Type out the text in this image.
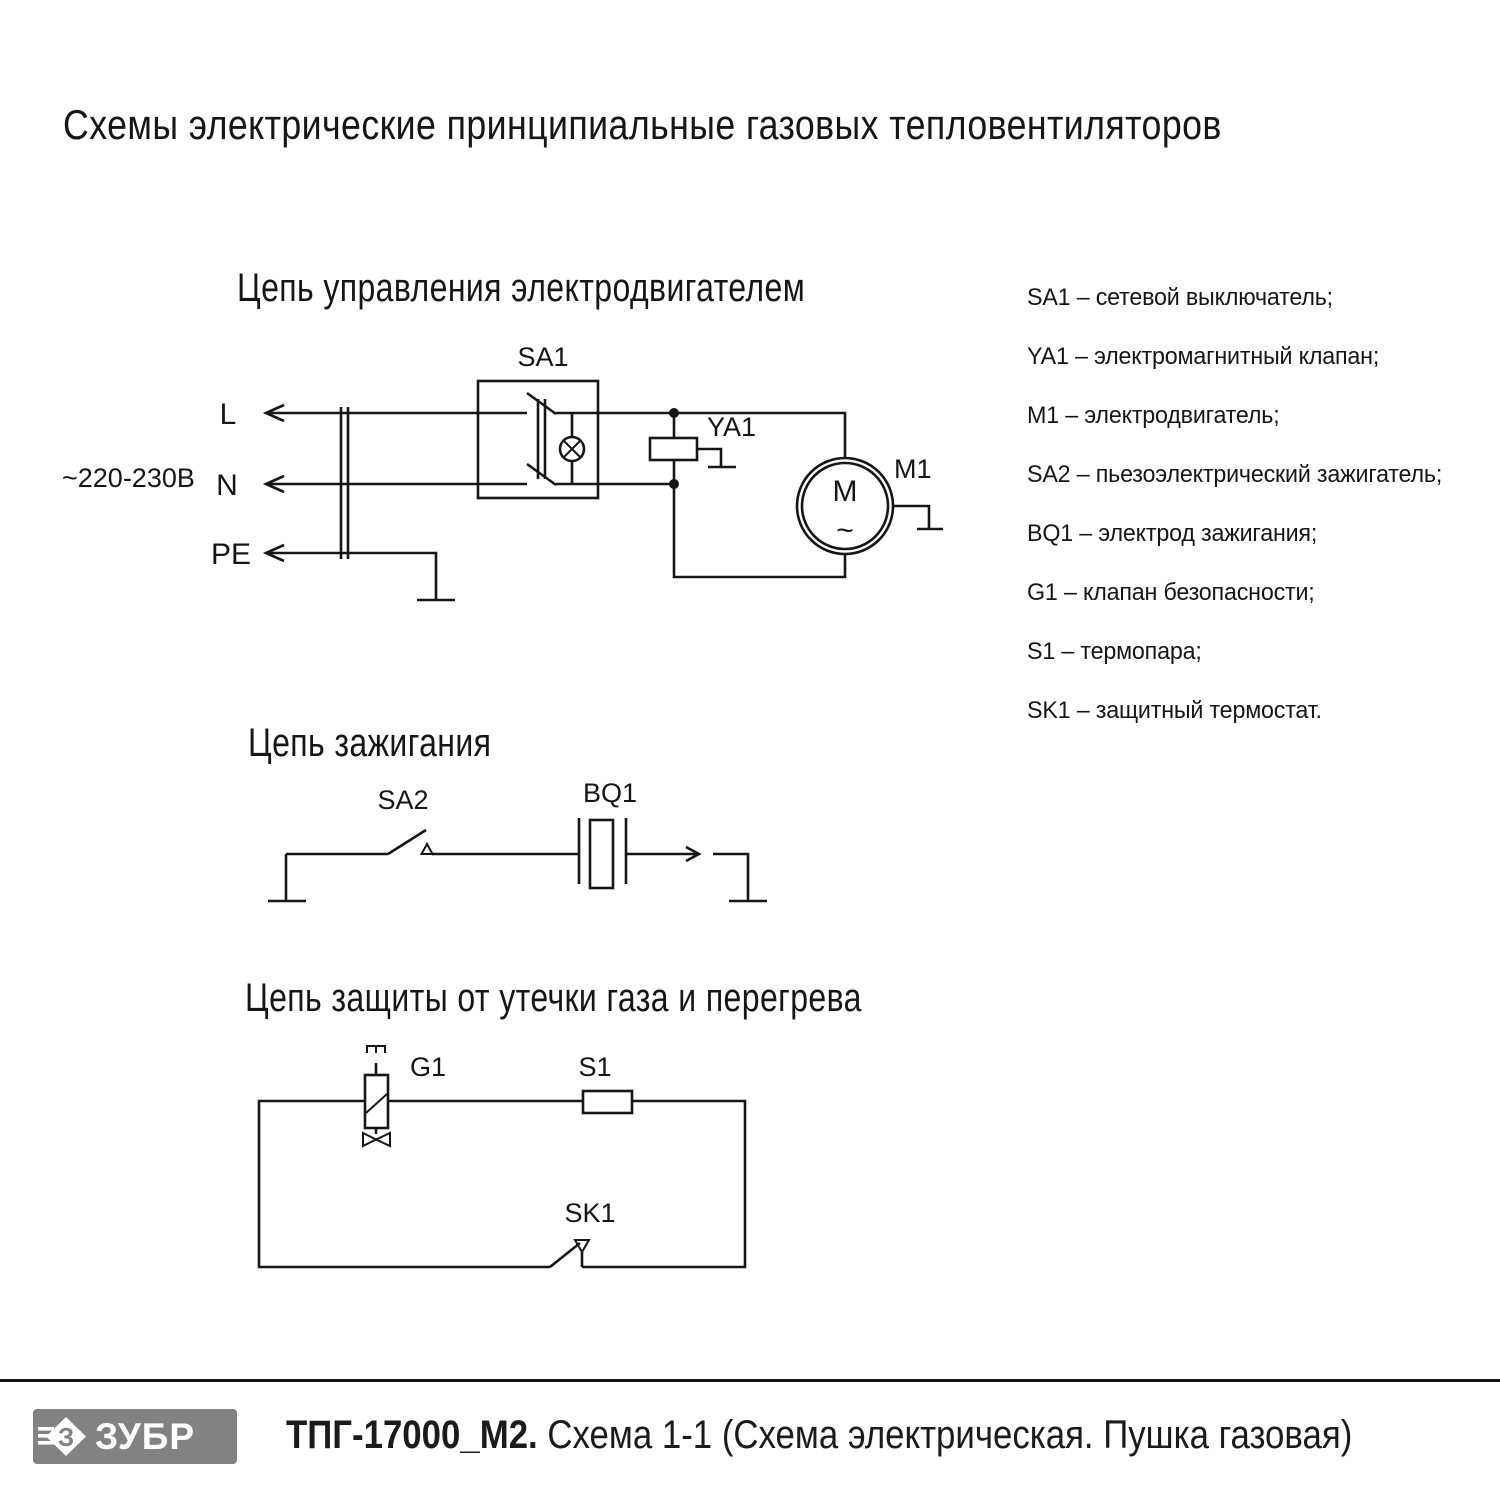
Схемы электрические принципиальные газовых тепловентиляторов
Цепь управления электродвигателем
M
~
~220-230В
L
N
PE
SA1
YA1
M1
Цепь зажигания
SA2	BQ1
Цепь защиты от утечки газа и перегрева
G1	S1
SK1
SA1 – сетевой выключатель;
YA1 – электромагнитный клапан;
M1 – электродвигатель;
SA2 – пьезоэлектрический зажигатель;
BQ1 – электрод зажигания;
G1 – клапан безопасности;
S1 – термопара;
SK1 – защитный термостат.
З ЗУБР ТПГ-17000_М2. Схема 1-1 (Схема электрическая. Пушка газовая)
